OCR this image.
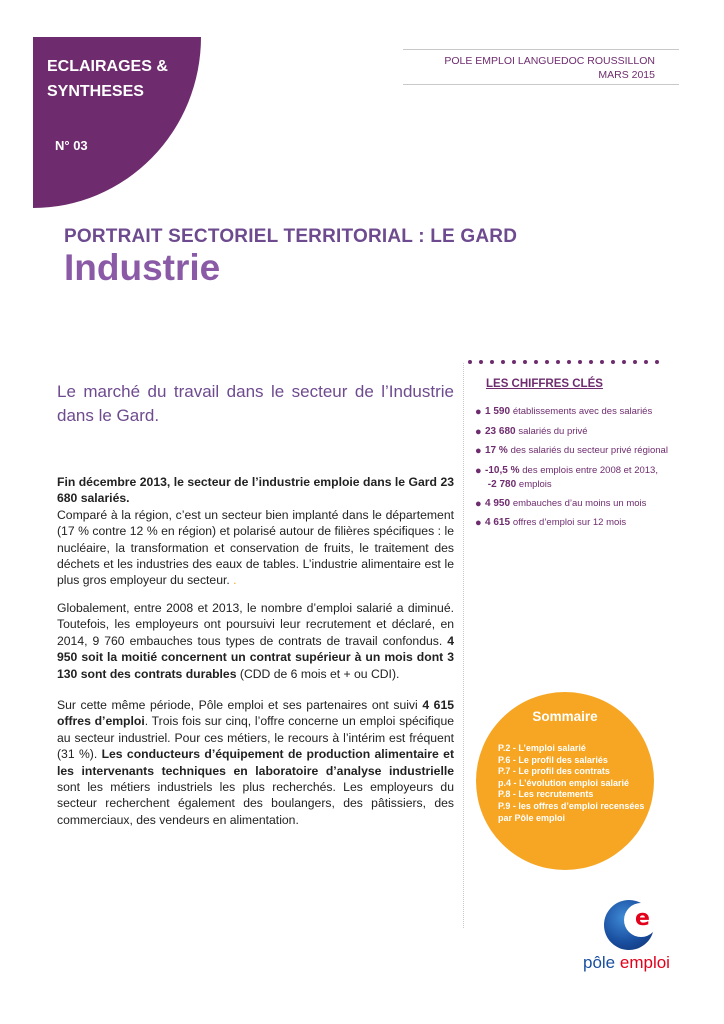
ECLAIRAGES &
SYNTHESES
N° 03
POLE EMPLOI LANGUEDOC ROUSSILLON
MARS 2015
PORTRAIT SECTORIEL TERRITORIAL : LE GARD
Industrie
LES CHIFFRES CLÉS
● 1 590 établissements avec des salariés
● 23 680 salariés du privé
● 17 % des salariés du secteur privé régional
● -10,5 % des emplois entre 2008 et 2013,
-2 780 emplois
● 4 950 embauches d’au moins un mois
● 4 615 offres d’emploi sur 12 mois
Le marché du travail dans le secteur de l’Industrie dans le Gard.
Fin décembre 2013, le secteur de l’industrie emploie dans le Gard 23 680 salariés.
Comparé à la région, c’est un secteur bien implanté dans le département (17 % contre 12 % en région) et polarisé autour de filières spécifiques : le nucléaire, la transformation et conservation de fruits, le traitement des déchets et les industries des eaux de tables. L’industrie alimentaire est le plus gros employeur du secteur. .
Globalement, entre 2008 et 2013, le nombre d’emploi salarié a diminué. Toutefois, les employeurs ont poursuivi leur recrutement et déclaré, en 2014, 9 760 embauches tous types de contrats de travail confondus. 4 950 soit la moitié concernent un contrat supérieur à un mois dont 3 130 sont des contrats durables (CDD de 6 mois et + ou CDI).
Sur cette même période, Pôle emploi et ses partenaires ont suivi 4 615 offres d’emploi. Trois fois sur cinq, l’offre concerne un emploi spécifique au secteur industriel. Pour ces métiers, le recours à l’intérim est fréquent (31 %). Les conducteurs d’équipement de production alimentaire et les intervenants techniques en laboratoire d’analyse industrielle sont les métiers industriels les plus recherchés. Les employeurs du secteur recherchent également des boulangers, des pâtissiers, des commerciaux, des vendeurs en alimentation.
Sommaire
P.2 - L’emploi salarié
P.6 - Le profil des salariés
P.7 - Le profil des contrats
p.4 - L’évolution emploi salarié
P.8 - Les recrutements
P.9 - les offres d’emploi recensées par Pôle emploi
e
pôle emploi
